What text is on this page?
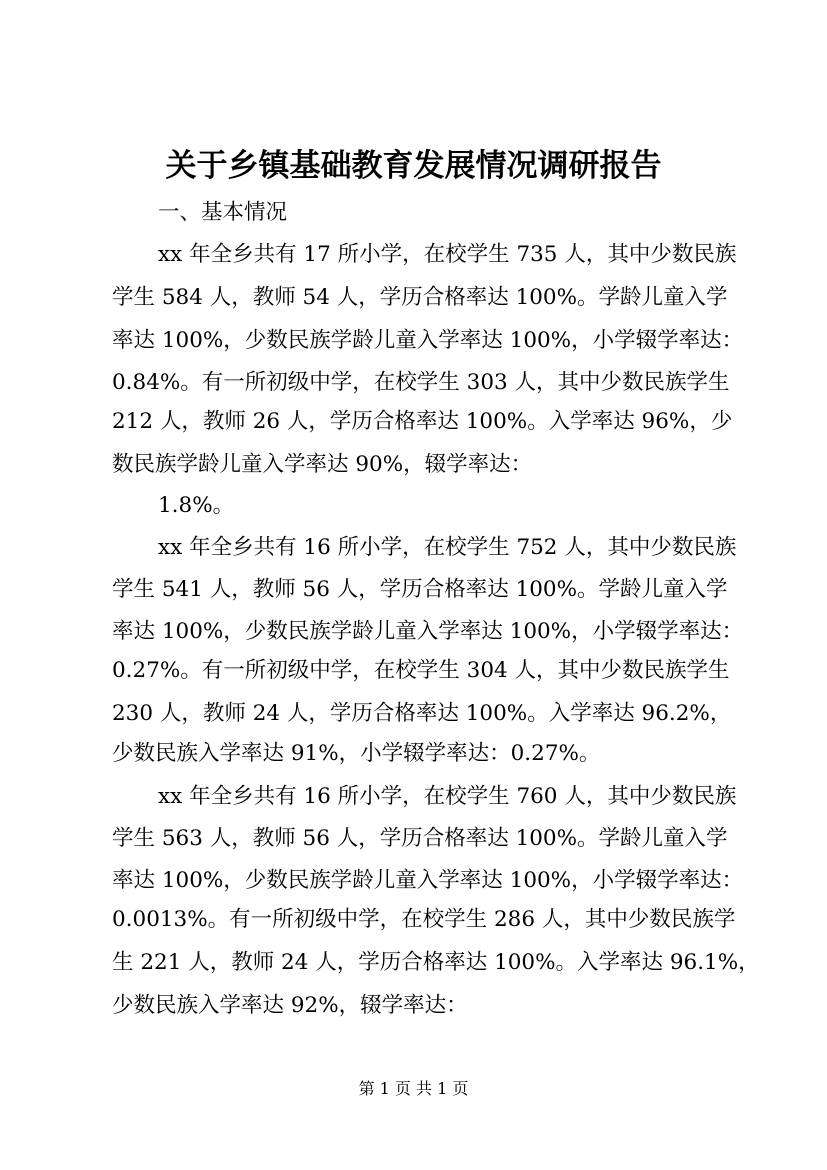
关于乡镇基础教育发展情况调研报告
一、基本情况
xx 年全乡共有 17 所小学，在校学生 735 人，其中少数民族
学生 584 人，教师 54 人，学历合格率达 100%。学龄儿童入学
率达 100%，少数民族学龄儿童入学率达 100%，小学辍学率达：
0.84%。有一所初级中学，在校学生 303 人，其中少数民族学生
212 人，教师 26 人，学历合格率达 100%。入学率达 96%，少
数民族学龄儿童入学率达 90%，辍学率达：
1.8%。
xx 年全乡共有 16 所小学，在校学生 752 人，其中少数民族
学生 541 人，教师 56 人，学历合格率达 100%。学龄儿童入学
率达 100%，少数民族学龄儿童入学率达 100%，小学辍学率达：
0.27%。有一所初级中学，在校学生 304 人，其中少数民族学生
230 人，教师 24 人，学历合格率达 100%。入学率达 96.2%，
少数民族入学率达 91%，小学辍学率达：0.27%。
xx 年全乡共有 16 所小学，在校学生 760 人，其中少数民族
学生 563 人，教师 56 人，学历合格率达 100%。学龄儿童入学
率达 100%，少数民族学龄儿童入学率达 100%，小学辍学率达：
0.0013%。有一所初级中学，在校学生 286 人，其中少数民族学
生 221 人，教师 24 人，学历合格率达 100%。入学率达 96.1%，
少数民族入学率达 92%，辍学率达：
第 1 页 共 1 页
